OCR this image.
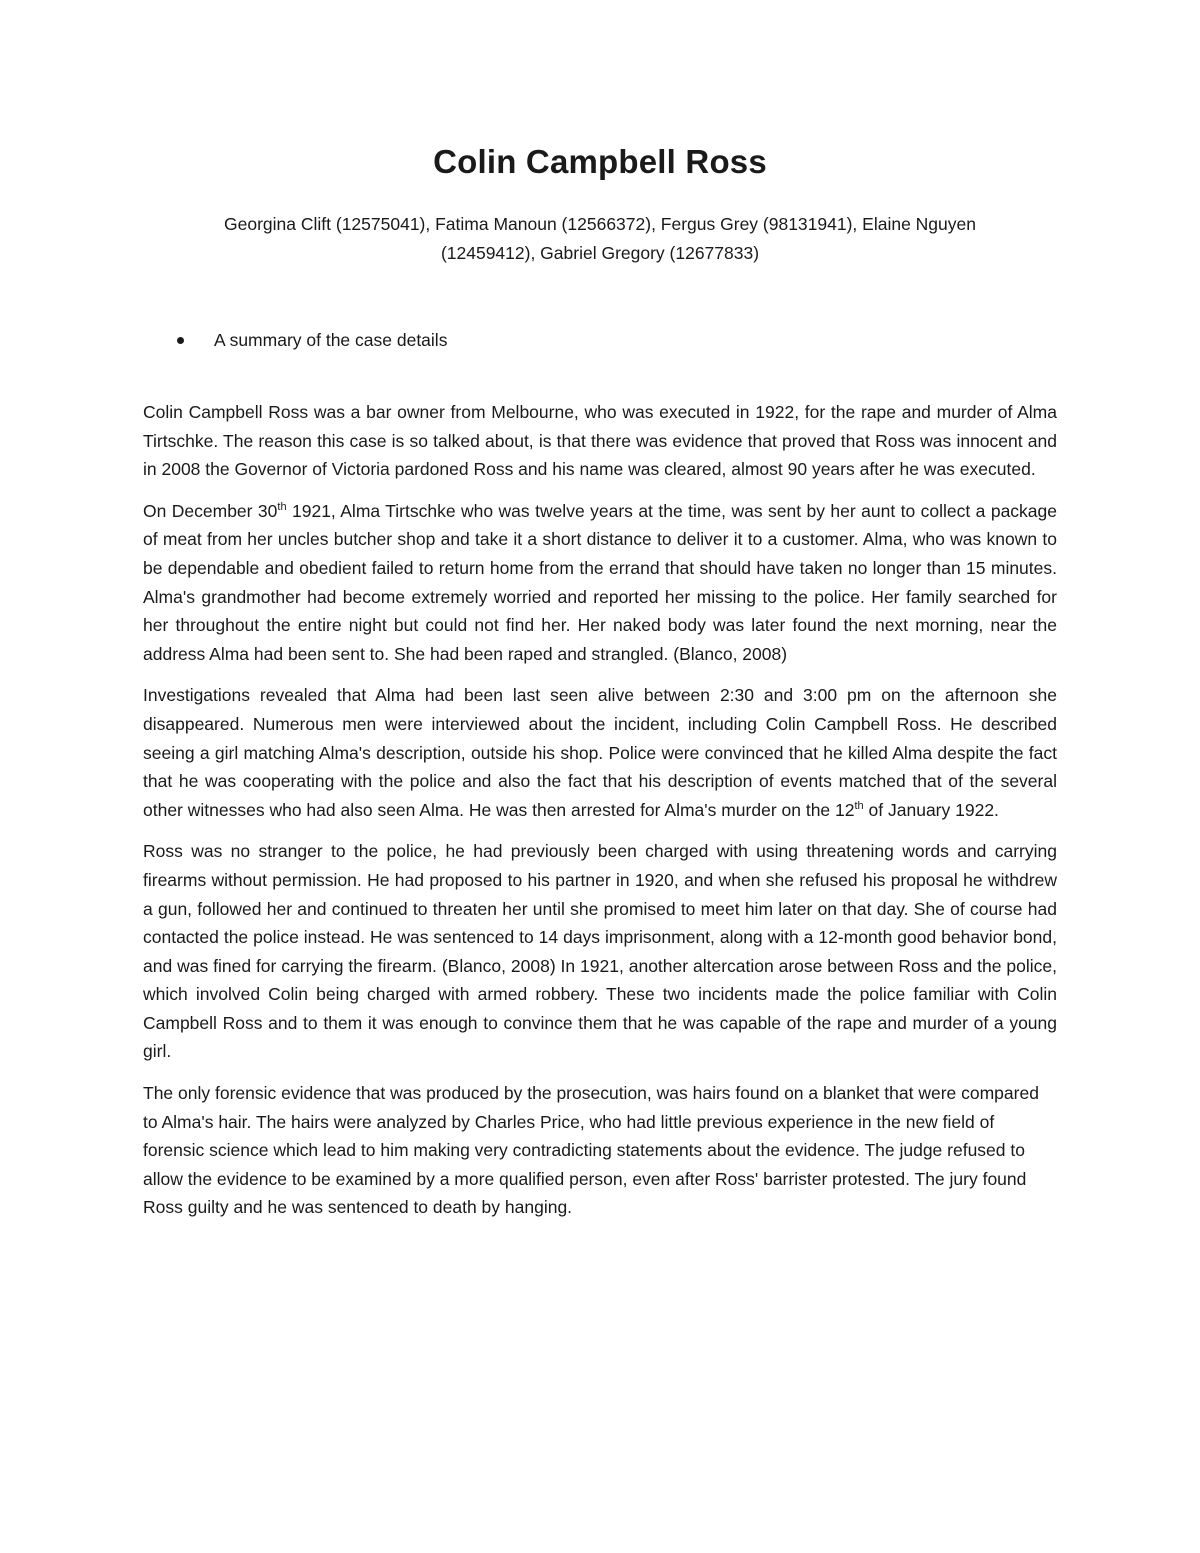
Colin Campbell Ross
Georgina Clift (12575041), Fatima Manoun (12566372), Fergus Grey (98131941), Elaine Nguyen
(12459412), Gabriel Gregory (12677833)
A summary of the case details

Colin Campbell Ross was a bar owner from Melbourne, who was executed in 1922, for the rape and murder of Alma Tirtschke. The reason this case is so talked about, is that there was evidence that proved that Ross was innocent and in 2008 the Governor of Victoria pardoned Ross and his name was cleared, almost 90 years after he was executed.

On December 30th 1921, Alma Tirtschke who was twelve years at the time, was sent by her aunt to collect a package of meat from her uncles butcher shop and take it a short distance to deliver it to a customer. Alma, who was known to be dependable and obedient failed to return home from the errand that should have taken no longer than 15 minutes. Alma's grandmother had become extremely worried and reported her missing to the police. Her family searched for her throughout the entire night but could not find her. Her naked body was later found the next morning, near the address Alma had been sent to. She had been raped and strangled. (Blanco, 2008)

Investigations revealed that Alma had been last seen alive between 2:30 and 3:00 pm on the afternoon she disappeared. Numerous men were interviewed about the incident, including Colin Campbell Ross. He described seeing a girl matching Alma's description, outside his shop. Police were convinced that he killed Alma despite the fact that he was cooperating with the police and also the fact that his description of events matched that of the several other witnesses who had also seen Alma. He was then arrested for Alma's murder on the 12th of January 1922.

Ross was no stranger to the police, he had previously been charged with using threatening words and carrying firearms without permission. He had proposed to his partner in 1920, and when she refused his proposal he withdrew a gun, followed her and continued to threaten her until she promised to meet him later on that day. She of course had contacted the police instead. He was sentenced to 14 days imprisonment, along with a 12-month good behavior bond, and was fined for carrying the firearm. (Blanco, 2008) In 1921, another altercation arose between Ross and the police, which involved Colin being charged with armed robbery. These two incidents made the police familiar with Colin Campbell Ross and to them it was enough to convince them that he was capable of the rape and murder of a young girl.

The only forensic evidence that was produced by the prosecution, was hairs found on a blanket that were compared to Alma's hair. The hairs were analyzed by Charles Price, who had little previous experience in the new field of forensic science which lead to him making very contradicting statements about the evidence. The judge refused to allow the evidence to be examined by a more qualified person, even after Ross' barrister protested. The jury found Ross guilty and he was sentenced to death by hanging.
